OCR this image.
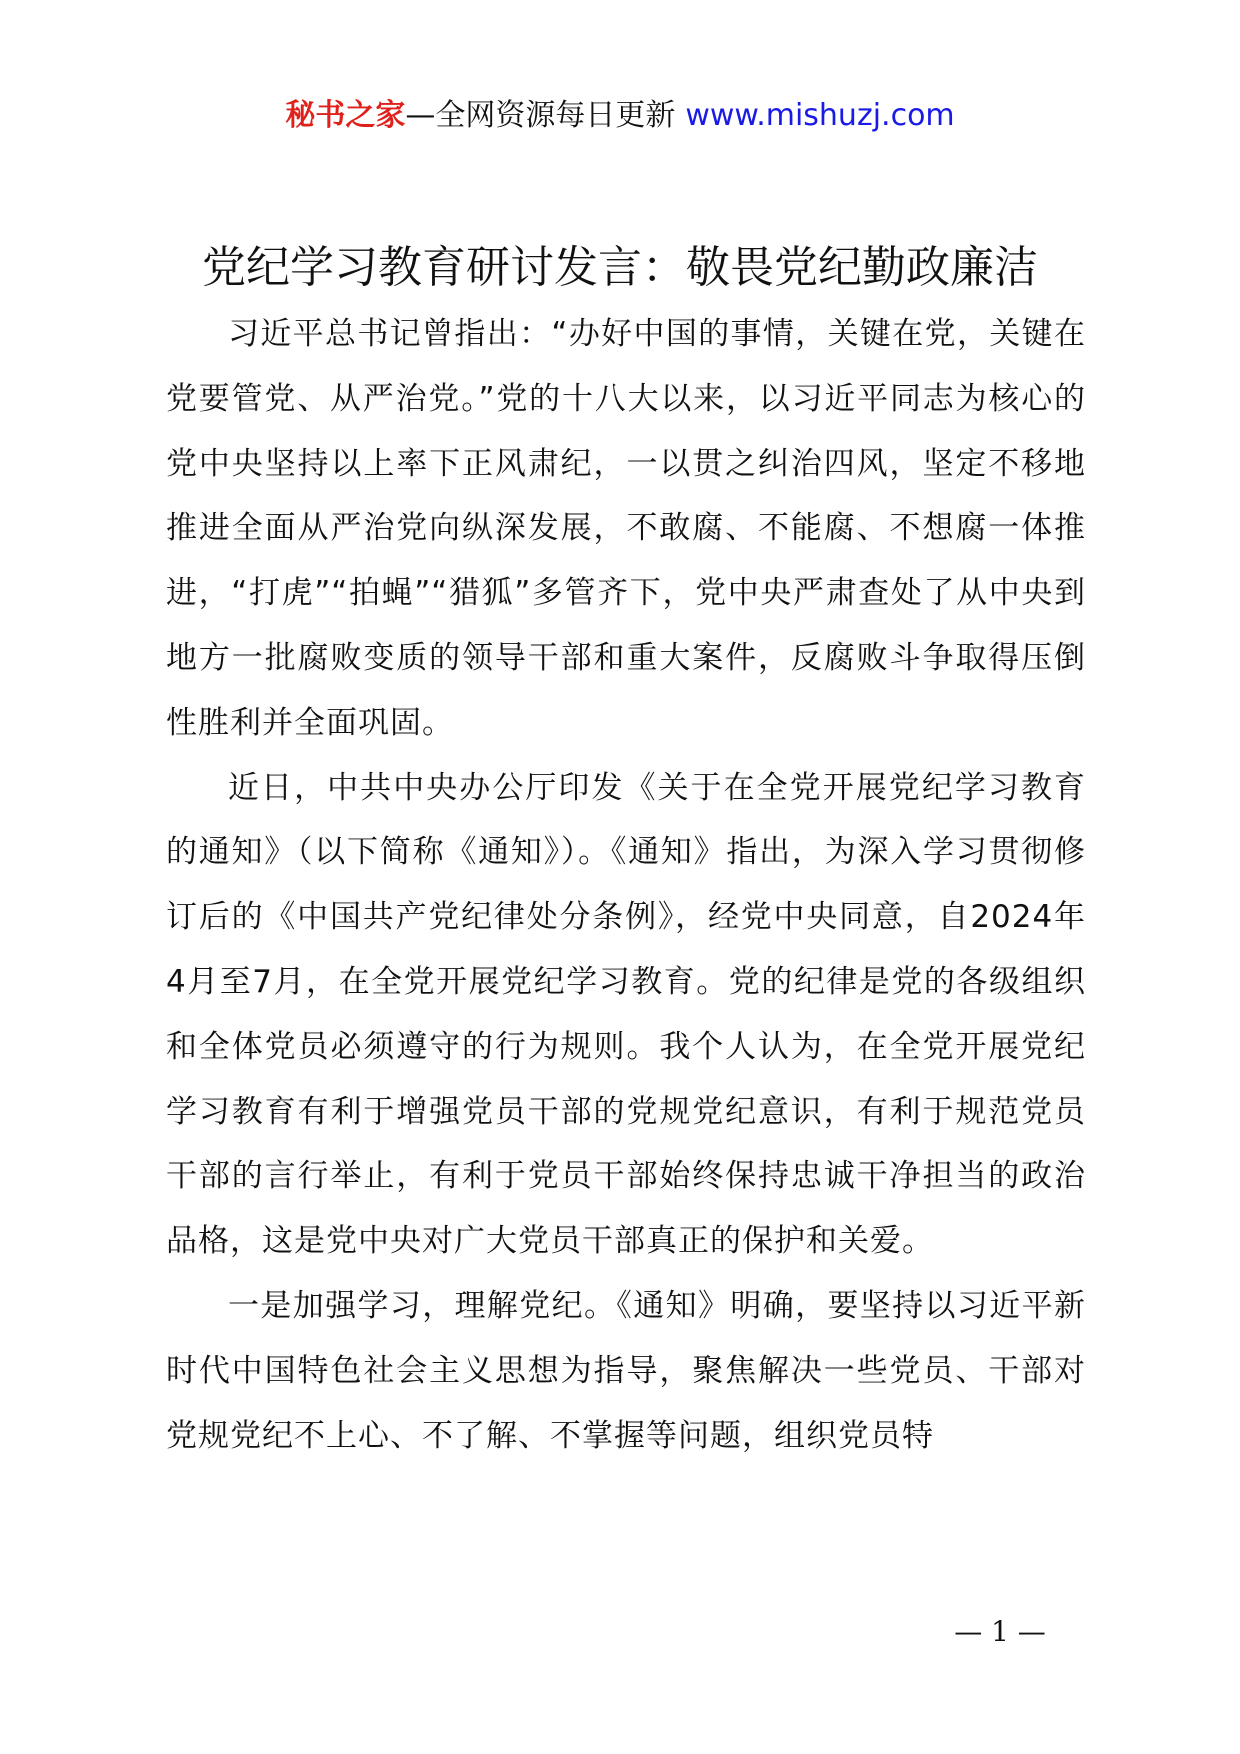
秘书之家—全网资源每日更新 www.mishuzj.com
党纪学习教育研讨发言：敬畏党纪勤政廉洁

习近平总书记曾指出：“办好中国的事情，关键在党，关键在党要管党、从严治党。”党的十八大以来，以习近平同志为核心的党中央坚持以上率下正风肃纪，一以贯之纠治四风，坚定不移地推进全面从严治党向纵深发展，不敢腐、不能腐、不想腐一体推进，“打虎”“拍蝇”“猎狐”多管齐下，党中央严肃查处了从中央到地方一批腐败变质的领导干部和重大案件，反腐败斗争取得压倒性胜利并全面巩固。

近日，中共中央办公厅印发《关于在全党开展党纪学习教育的通知》（以下简称《通知》）。《通知》指出，为深入学习贯彻修订后的《中国共产党纪律处分条例》，经党中央同意，自2024年4月至7月，在全党开展党纪学习教育。党的纪律是党的各级组织和全体党员必须遵守的行为规则。我个人认为，在全党开展党纪学习教育有利于增强党员干部的党规党纪意识，有利于规范党员干部的言行举止，有利于党员干部始终保持忠诚干净担当的政治品格，这是党中央对广大党员干部真正的保护和关爱。

一是加强学习，理解党纪。《通知》明确，要坚持以习近平新时代中国特色社会主义思想为指导，聚焦解决一些党员、干部对党规党纪不上心、不了解、不掌握等问题，组织党员特

— 1 —
